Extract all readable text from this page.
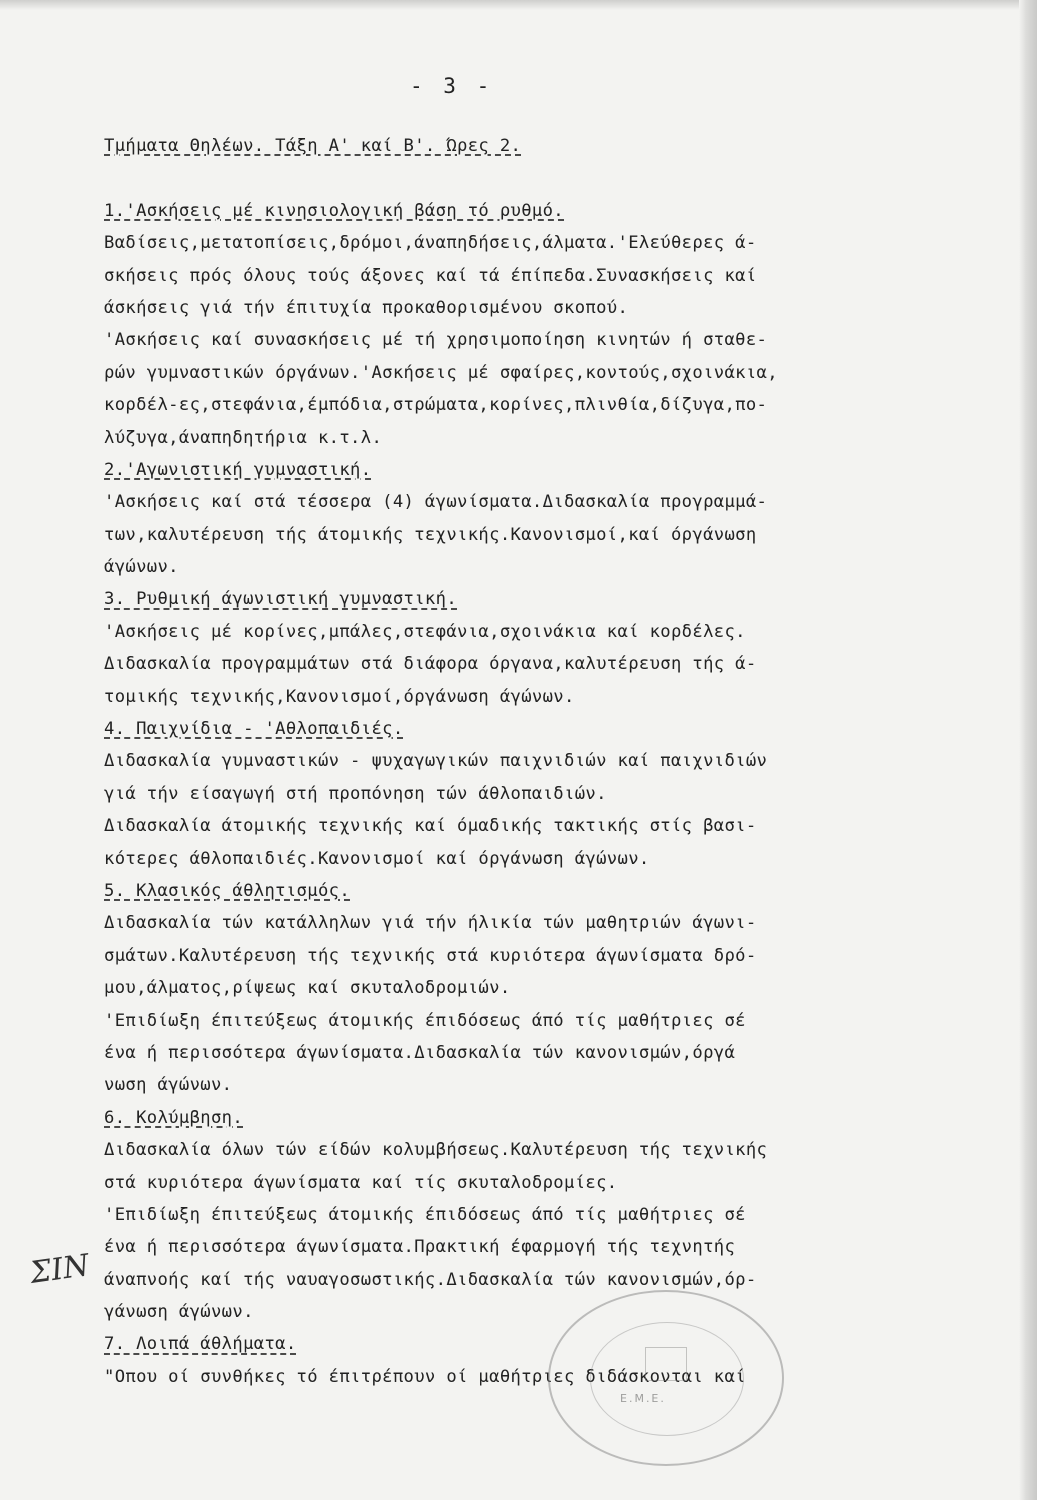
- 3 -
Τμήματα Θηλέων. Τάξη Α' καί Β'. Ώρες 2.
1.'Ασκήσεις μέ κινησιολογική βάση τό ρυθμό.
Βαδίσεις,μετατοπίσεις,δρόμοι,άναπηδήσεις,άλματα.'Ελεύθερες ά-
σκήσεις πρός όλους τούς άξονες καί τά έπίπεδα.Συνασκήσεις καί
άσκήσεις γιά τήν έπιτυχία προκαθορισμένου σκοπού.
'Ασκήσεις καί συνασκήσεις μέ τή χρησιμοποίηση κινητών ή σταθε-
ρών γυμναστικών όργάνων.'Ασκήσεις μέ σφαίρες,κοντούς,σχοινάκια,
κορδέλ-ες,στεφάνια,έμπόδια,στρώματα,κορίνες,πλινθία,δίζυγα,πο-
λύζυγα,άναπηδητήρια κ.τ.λ.
2.'Αγωνιστική γυμναστική.
'Ασκήσεις καί στά τέσσερα (4) άγωνίσματα.Διδασκαλία προγραμμά-
των,καλυτέρευση τής άτομικής τεχνικής.Κανονισμοί,καί όργάνωση
άγώνων.
3. Ρυθμική άγωνιστική γυμναστική.
'Ασκήσεις μέ κορίνες,μπάλες,στεφάνια,σχοινάκια καί κορδέλες.
Διδασκαλία προγραμμάτων στά διάφορα όργανα,καλυτέρευση τής ά-
τομικής τεχνικής,Κανονισμοί,όργάνωση άγώνων.
4. Παιχνίδια - 'Αθλοπαιδιές.
Διδασκαλία γυμναστικών - ψυχαγωγικών παιχνιδιών καί παιχνιδιών
γιά τήν είσαγωγή στή προπόνηση τών άθλοπαιδιών.
Διδασκαλία άτομικής τεχνικής καί όμαδικής τακτικής στίς βασι-
κότερες άθλοπαιδιές.Κανονισμοί καί όργάνωση άγώνων.
5. Κλασικός άθλητισμός.
Διδασκαλία τών κατάλληλων γιά τήν ήλικία τών μαθητριών άγωνι-
σμάτων.Καλυτέρευση τής τεχνικής στά κυριότερα άγωνίσματα δρό-
μου,άλματος,ρίψεως καί σκυταλοδρομιών.
'Επιδίωξη έπιτεύξεως άτομικής έπιδόσεως άπό τίς μαθήτριες σέ
ένα ή περισσότερα άγωνίσματα.Διδασκαλία τών κανονισμών,όργά
νωση άγώνων.
6. Κολύμβηση.
Διδασκαλία όλων τών είδών κολυμβήσεως.Καλυτέρευση τής τεχνικής
στά κυριότερα άγωνίσματα καί τίς σκυταλοδρομίες.
'Επιδίωξη έπιτεύξεως άτομικής έπιδόσεως άπό τίς μαθήτριες σέ
ένα ή περισσότερα άγωνίσματα.Πρακτική έφαρμογή τής τεχνητής
άναπνοής καί τής ναυαγοσωστικής.Διδασκαλία τών κανονισμών,όρ-
γάνωση άγώνων.
7. Λοιπά άθλήματα.
"Οπου οί συνθήκες τό έπιτρέπουν οί μαθήτριες διδάσκονται καί
ΣΙΝ
Ε.Μ.Ε.
